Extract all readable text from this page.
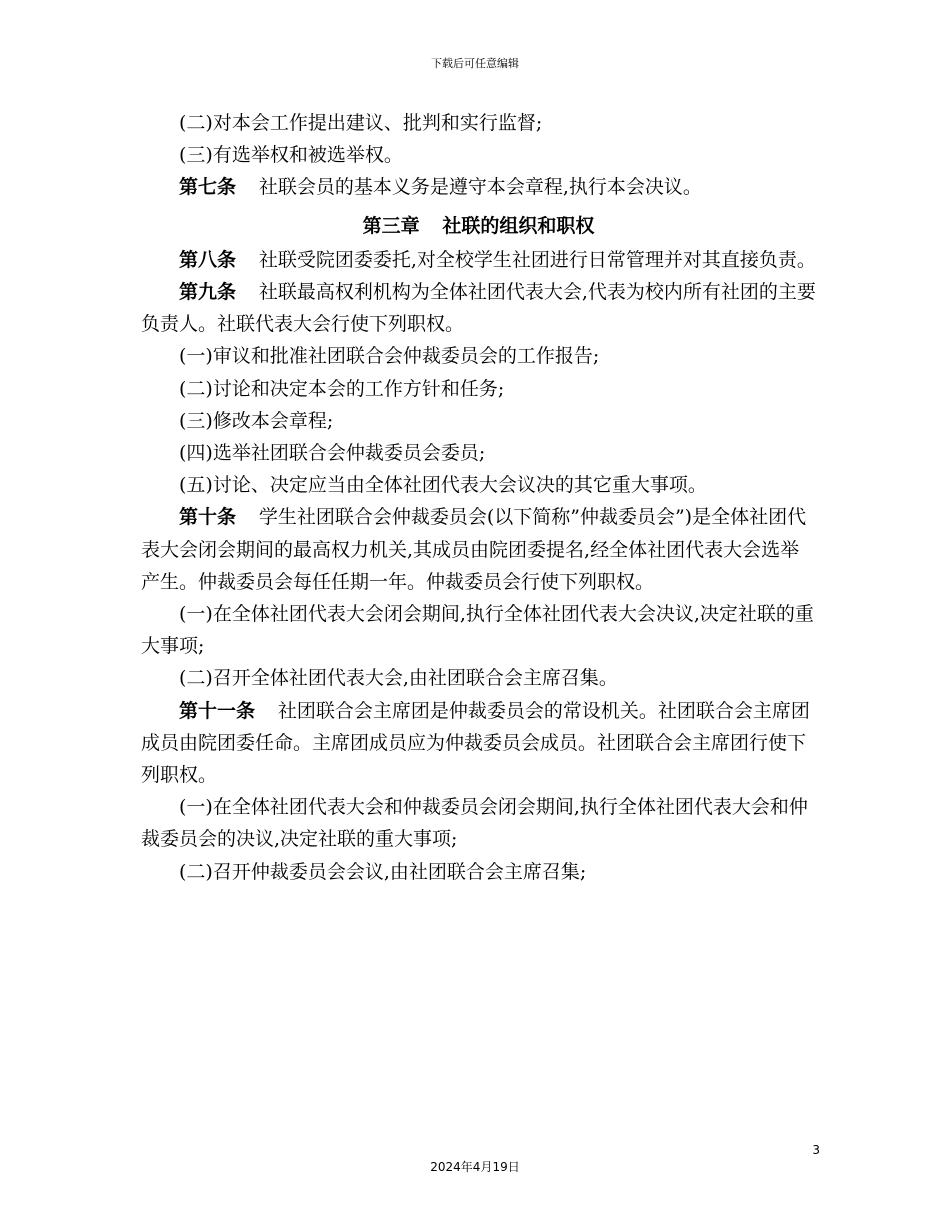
下载后可任意编辑

(二)对本会工作提出建议、批判和实行监督;

(三)有选举权和被选举权。

第七条 社联会员的基本义务是遵守本会章程,执行本会决议。

第三章 社联的组织和职权

第八条 社联受院团委委托,对全校学生社团进行日常管理并对其直接负责。

第九条 社联最高权利机构为全体社团代表大会,代表为校内所有社团的主要负责人。社联代表大会行使下列职权。

(一)审议和批准社团联合会仲裁委员会的工作报告;

(二)讨论和决定本会的工作方针和任务;

(三)修改本会章程;

(四)选举社团联合会仲裁委员会委员;

(五)讨论、决定应当由全体社团代表大会议决的其它重大事项。

第十条 学生社团联合会仲裁委员会(以下简称”仲裁委员会”)是全体社团代表大会闭会期间的最高权力机关,其成员由院团委提名,经全体社团代表大会选举产生。仲裁委员会每任任期一年。仲裁委员会行使下列职权。

(一)在全体社团代表大会闭会期间,执行全体社团代表大会决议,决定社联的重大事项;

(二)召开全体社团代表大会,由社团联合会主席召集。

第十一条 社团联合会主席团是仲裁委员会的常设机关。社团联合会主席团成员由院团委任命。主席团成员应为仲裁委员会成员。社团联合会主席团行使下列职权。

(一)在全体社团代表大会和仲裁委员会闭会期间,执行全体社团代表大会和仲裁委员会的决议,决定社联的重大事项;

(二)召开仲裁委员会会议,由社团联合会主席召集;

3
2024年4月19日
